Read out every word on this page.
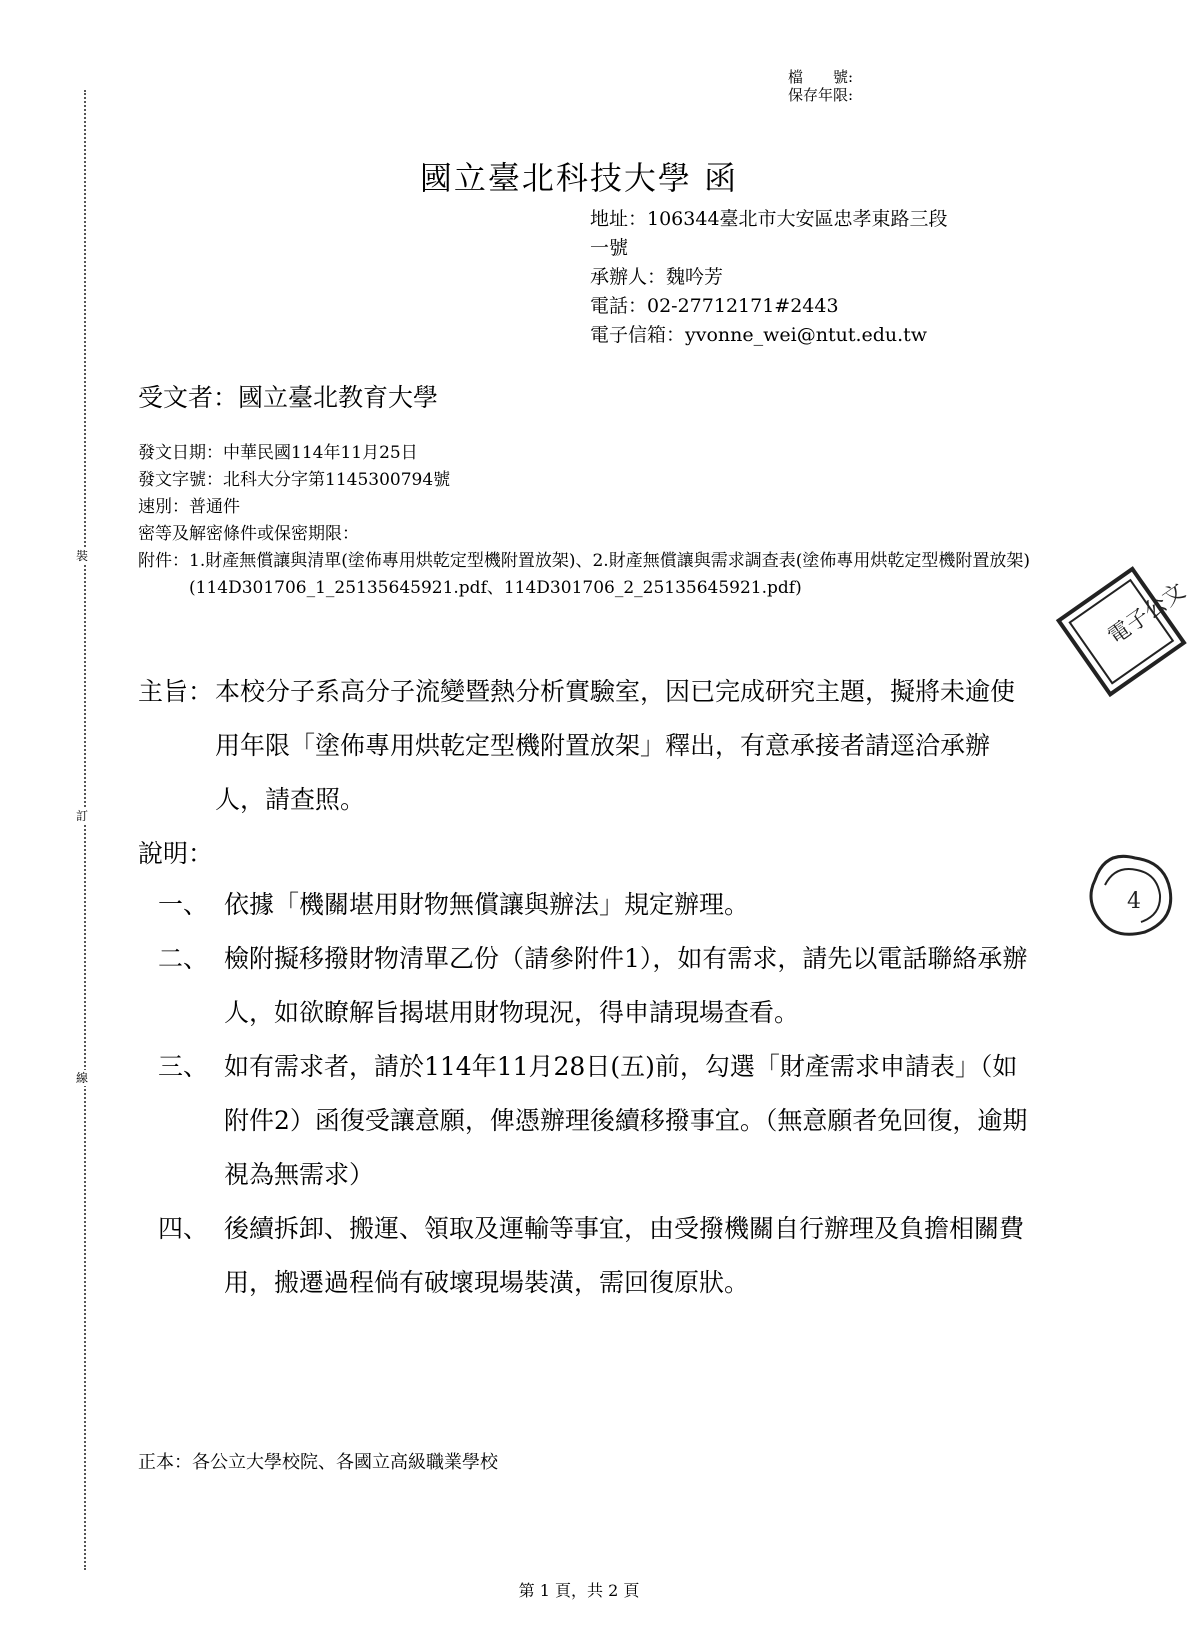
裝
訂
線
檔　　號:
保存年限:
國立臺北科技大學 函
地址：106344臺北市大安區忠孝東路三段
一號
承辦人：魏吟芳
電話：02-27712171#2443
電子信箱：yvonne_wei@ntut.edu.tw
受文者：國立臺北教育大學
發文日期：中華民國114年11月25日
發文字號：北科大分字第1145300794號
速別：普通件
密等及解密條件或保密期限：
附件： 1.財產無償讓與清單(塗佈專用烘乾定型機附置放架)、2.財產無償讓與需求調查表(塗佈專用烘乾定型機附置放架) (114D301706_1_25135645921.pdf、114D301706_2_25135645921.pdf)
主旨： 本校分子系高分子流變暨熱分析實驗室，因已完成研究主題，擬將未逾使用年限「塗佈專用烘乾定型機附置放架」釋出，有意承接者請逕洽承辦人，請查照。
說明：
一、 依據「機關堪用財物無償讓與辦法」規定辦理。
二、 檢附擬移撥財物清單乙份（請參附件1），如有需求，請先以電話聯絡承辦人，如欲瞭解旨揭堪用財物現況，得申請現場查看。
三、 如有需求者，請於114年11月28日(五)前，勾選「財產需求申請表」（如附件2）函復受讓意願，俾憑辦理後續移撥事宜。（無意願者免回復，逾期視為無需求）
四、 後續拆卸、搬運、領取及運輸等事宜，由受撥機關自行辦理及負擔相關費用，搬遷過程倘有破壞現場裝潢，需回復原狀。
正本：各公立大學校院、各國立高級職業學校
第 1 頁，共 2 頁
電子公文
4
